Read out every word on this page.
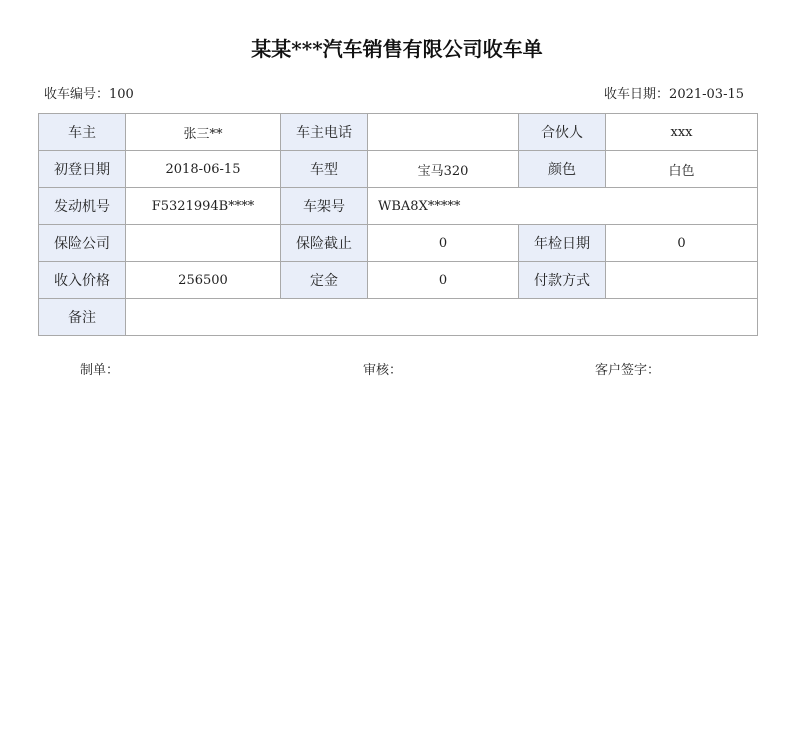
某某***汽车销售有限公司收车单
收车编号：100	收车日期：2021-03-15
车主	张三**	车主电话		合伙人	xxx
初登日期	2018-06-15	车型	宝马320	颜色	白色
发动机号	F5321994B****	车架号	WBA8X*****		
保险公司		保险截止	0	年检日期	0
收入价格	256500	定金	0	付款方式	
备注					
制单：	审核：	客户签字：
